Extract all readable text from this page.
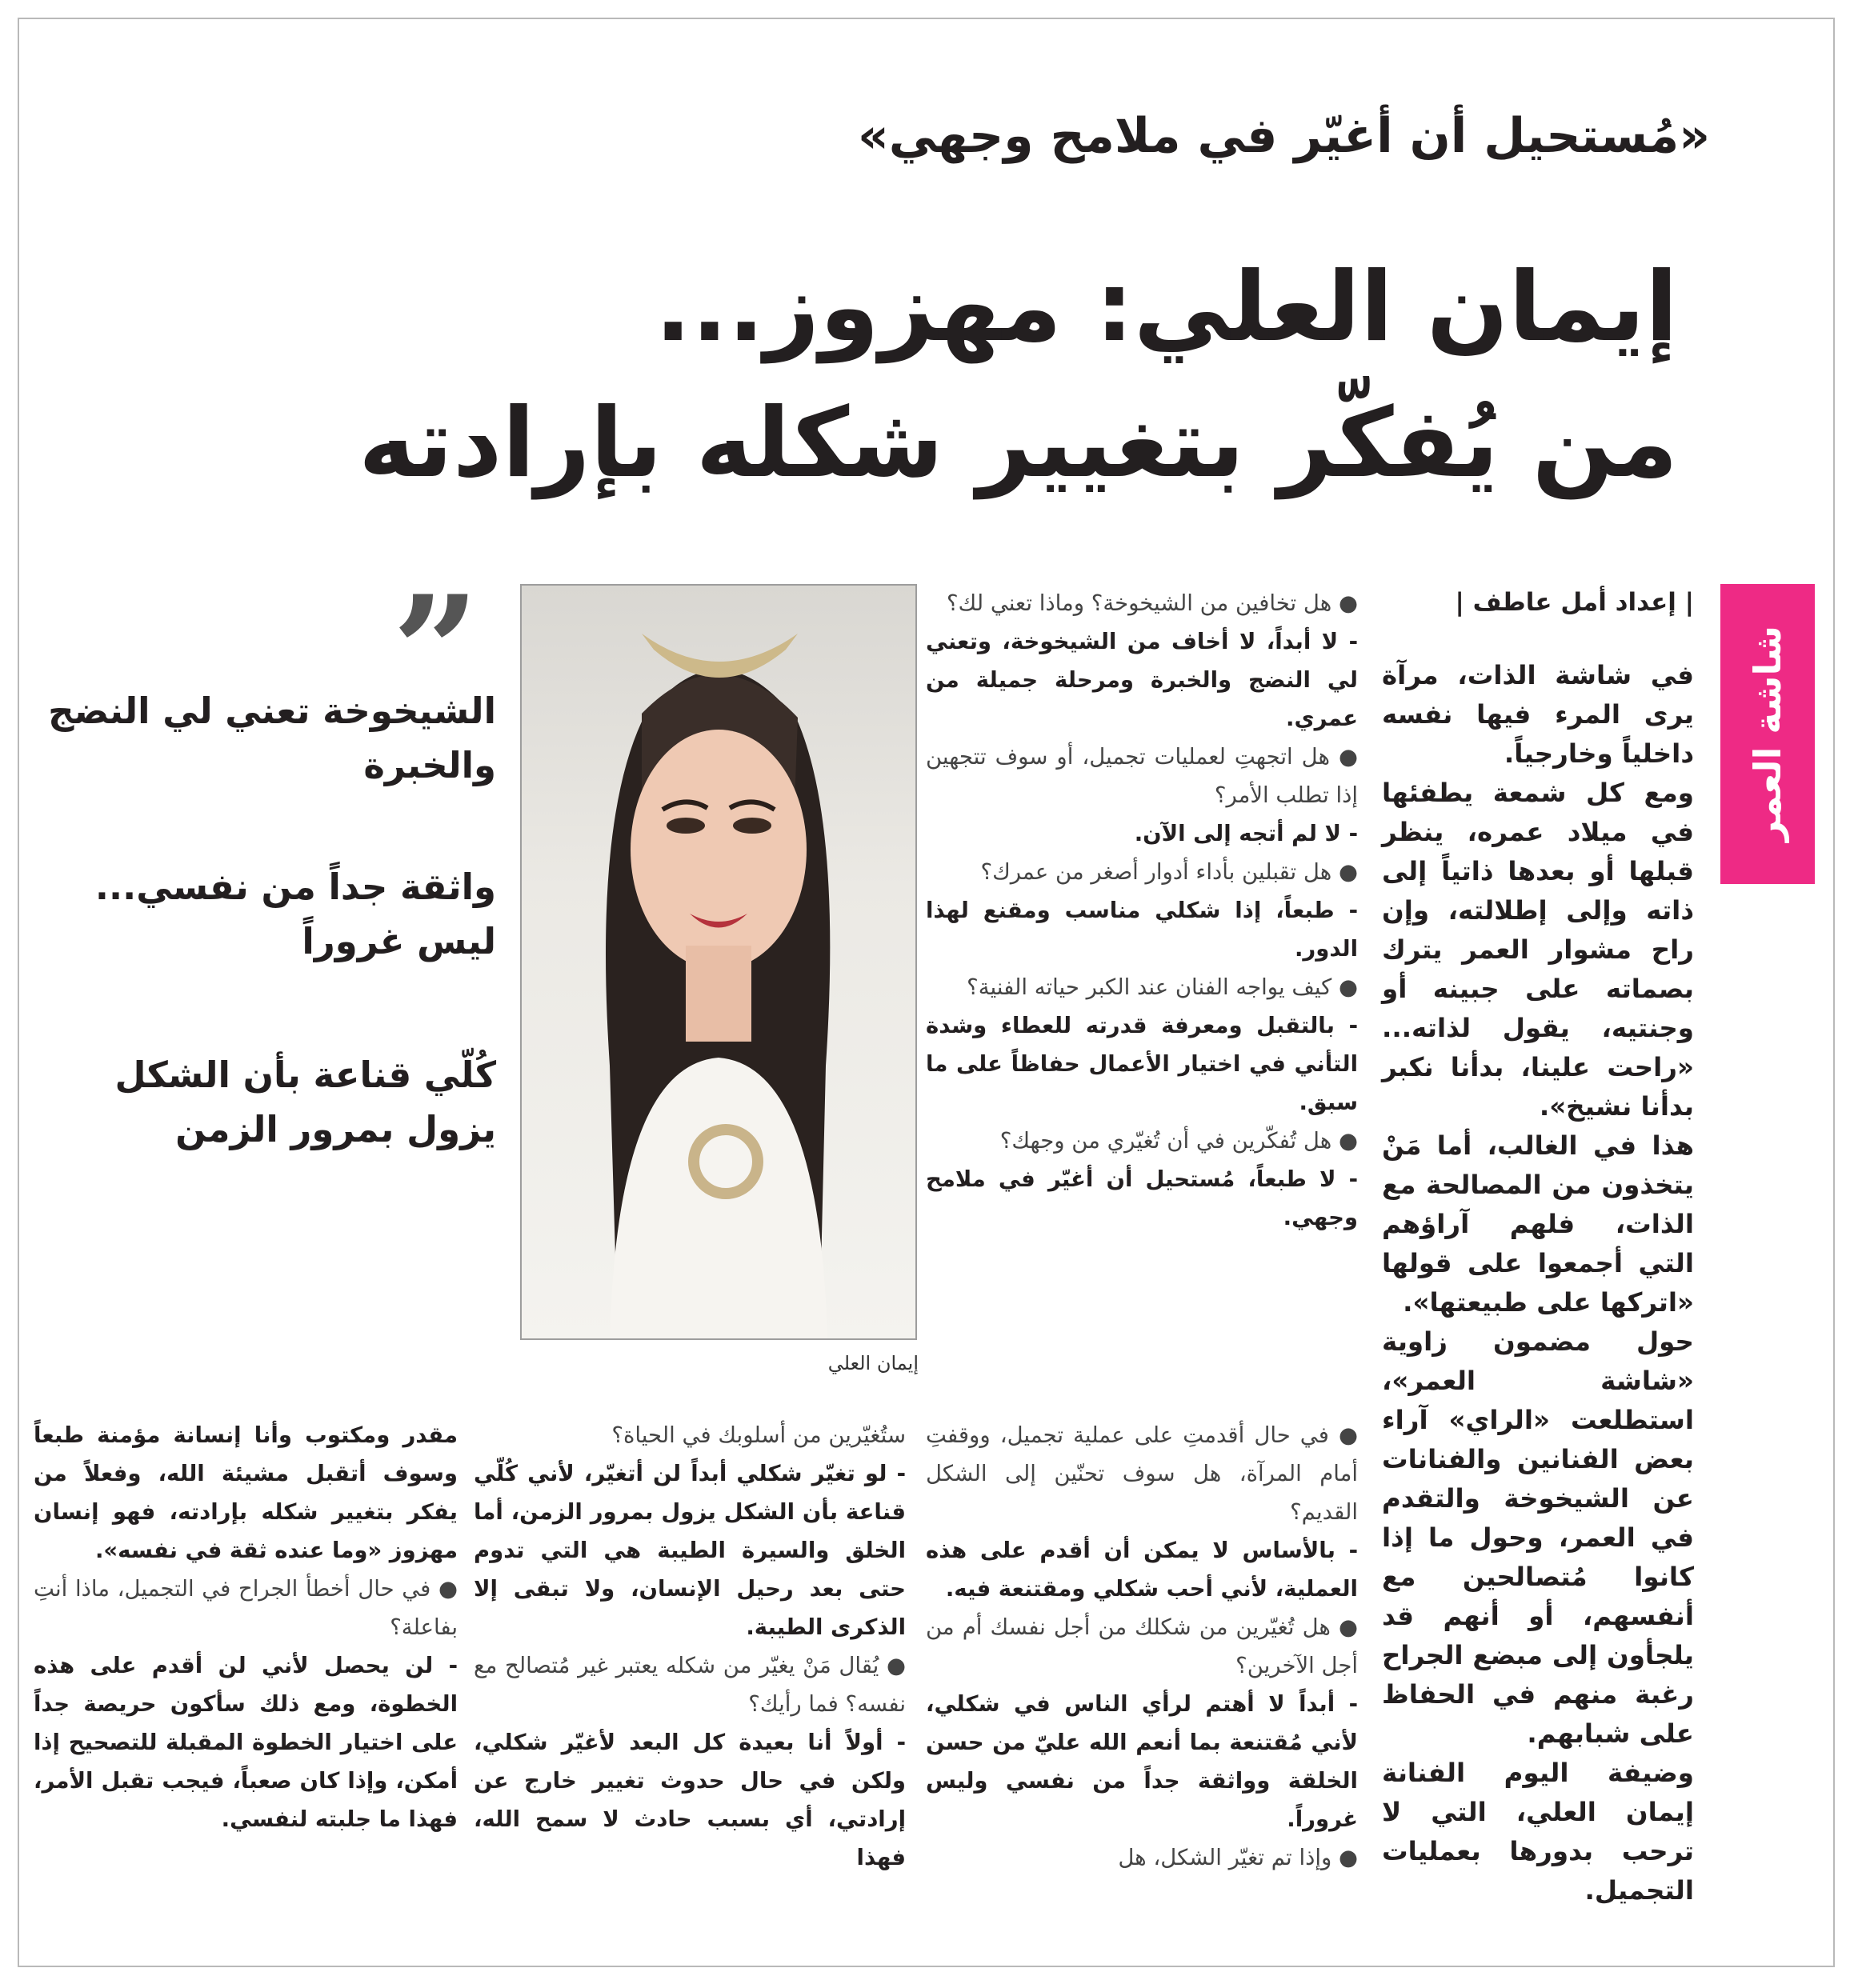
«مُستحيل أن أغيّر في ملامح وجهي»
إيمان العلي: مهزوز...
من يُفكّر بتغيير شكله بإرادته
شاشة العمر
| إعداد أمل عاطف |

في شاشة الذات، مرآة يرى المرء فيها نفسه داخلياً وخارجياً.

ومع كل شمعة يطفئها في ميلاد عمره، ينظر قبلها أو بعدها ذاتياً إلى ذاته وإلى إطلالته، وإن راح مشوار العمر يترك بصماته على جبينه أو وجنتيه، يقول لذاته... «راحت علينا، بدأنا نكبر بدأنا نشيخ».

هذا في الغالب، أما مَنْ يتخذون من المصالحة مع الذات، فلهم آراؤهم التي أجمعوا على قولها «اتركها على طبيعتها».

حول مضمون زاوية «شاشة العمر»، استطلعت «الراي» آراء بعض الفنانين والفنانات عن الشيخوخة والتقدم في العمر، وحول ما إذا كانوا مُتصالحين مع أنفسهم، أو أنهم قد يلجأون إلى مبضع الجراح رغبة منهم في الحفاظ على شبابهم.

وضيفة اليوم الفنانة إيمان العلي، التي لا ترحب بدورها بعمليات التجميل.

● هل تخافين من الشيخوخة؟ وماذا تعني لك؟

- لا أبداً، لا أخاف من الشيخوخة، وتعني لي النضج والخبرة ومرحلة جميلة من عمري.

● هل اتجهتِ لعمليات تجميل، أو سوف تتجهين إذا تطلب الأمر؟

- لا لم أتجه إلى الآن.

● هل تقبلين بأداء أدوار أصغر من عمرك؟

- طبعاً، إذا شكلي مناسب ومقنع لهذا الدور.

● كيف يواجه الفنان عند الكبر حياته الفنية؟

- بالتقبل ومعرفة قدرته للعطاء وشدة التأني في اختيار الأعمال حفاظاً على ما سبق.

● هل تُفكّرين في أن تُغيّري من وجهك؟

- لا طبعاً، مُستحيل أن أغيّر في ملامح وجهي.

● في حال أقدمتِ على عملية تجميل، ووقفتِ أمام المرآة، هل سوف تحنّين إلى الشكل القديم؟

- بالأساس لا يمكن أن أقدم على هذه العملية، لأني أحب شكلي ومقتنعة فيه.

● هل تُغيّرين من شكلك من أجل نفسك أم من أجل الآخرين؟

- أبداً لا أهتم لرأي الناس في شكلي، لأني مُقتنعة بما أنعم الله عليّ من حسن الخلقة وواثقة جداً من نفسي وليس غروراً.

● وإذا تم تغيّر الشكل، هل

ستُغيّرين من أسلوبك في الحياة؟

- لو تغيّر شكلي أبداً لن أتغيّر، لأني كُلّي قناعة بأن الشكل يزول بمرور الزمن، أما الخلق والسيرة الطيبة هي التي تدوم حتى بعد رحيل الإنسان، ولا تبقى إلا الذكرى الطيبة.

● يُقال مَنْ يغيّر من شكله يعتبر غير مُتصالح مع نفسه؟ فما رأيك؟

- أولاً أنا بعيدة كل البعد لأغيّر شكلي، ولكن في حال حدوث تغيير خارج عن إرادتي، أي بسبب حادث لا سمح الله، فهذا

مقدر ومكتوب وأنا إنسانة مؤمنة طبعاً وسوف أتقبل مشيئة الله، وفعلاً من يفكر بتغيير شكله بإرادته، فهو إنسان مهزوز «وما عنده ثقة في نفسه».

● في حال أخطأ الجراح في التجميل، ماذا أنتِ بفاعلة؟

- لن يحصل لأني لن أقدم على هذه الخطوة، ومع ذلك سأكون حريصة جداً على اختيار الخطوة المقبلة للتصحيح إذا أمكن، وإذا كان صعباً، فيجب تقبل الأمر، فهذا ما جلبته لنفسي.

إيمان العلي
”
الشيخوخة تعني لي النضج والخبرة
واثقة جداً من نفسي... ليس غروراً
كُلّي قناعة بأن الشكل يزول بمرور الزمن
